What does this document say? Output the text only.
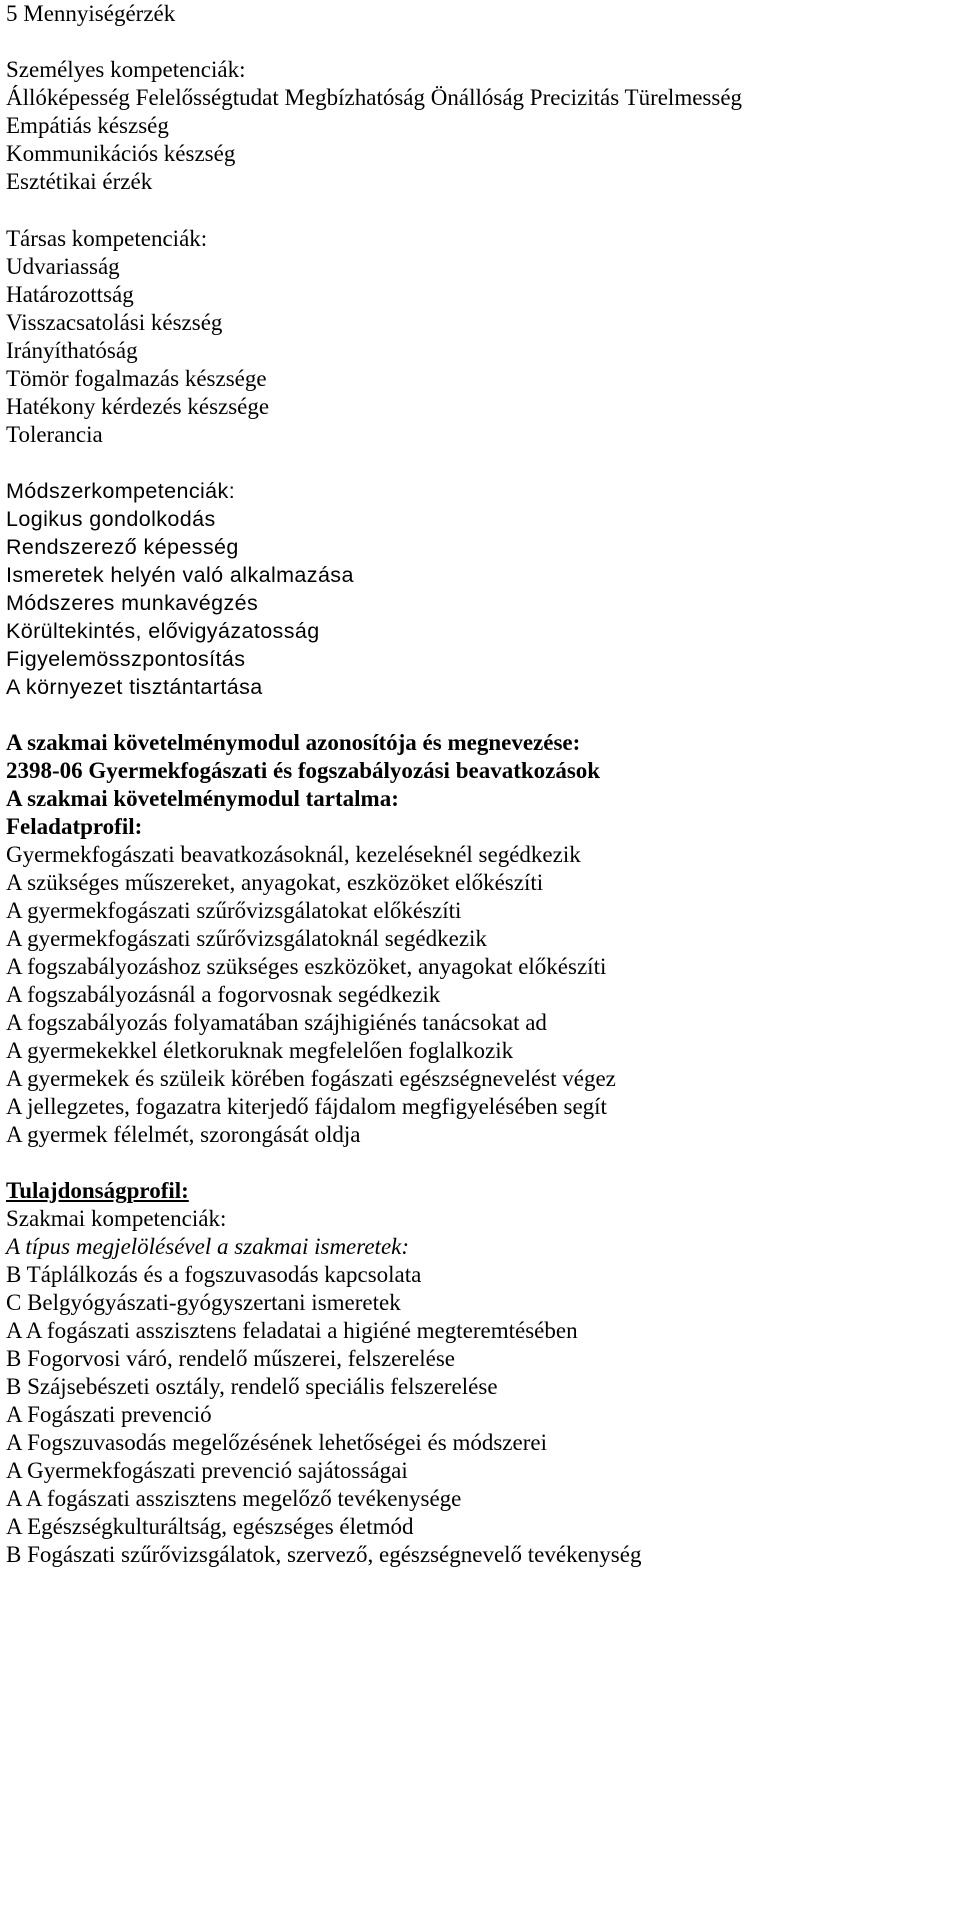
5 Mennyiségérzék
Személyes kompetenciák:
Állóképesség Felelősségtudat Megbízhatóság Önállóság Precizitás Türelmesség
Empátiás készség
Kommunikációs készség
Esztétikai érzék
Társas kompetenciák:
Udvariasság
Határozottság
Visszacsatolási készség
Irányíthatóság
Tömör fogalmazás készsége
Hatékony kérdezés készsége
Tolerancia
Módszerkompetenciák:
Logikus gondolkodás
Rendszerező képesség
Ismeretek helyén való alkalmazása
Módszeres munkavégzés
Körültekintés, elővigyázatosság
Figyelemösszpontosítás
A környezet tisztántartása
A szakmai követelménymodul azonosítója és megnevezése:
2398-06 Gyermekfogászati és fogszabályozási beavatkozások
A szakmai követelménymodul tartalma:
Feladatprofil:
Gyermekfogászati beavatkozásoknál, kezeléseknél segédkezik
A szükséges műszereket, anyagokat, eszközöket előkészíti
A gyermekfogászati szűrővizsgálatokat előkészíti
A gyermekfogászati szűrővizsgálatoknál segédkezik
A fogszabályozáshoz szükséges eszközöket, anyagokat előkészíti
A fogszabályozásnál a fogorvosnak segédkezik
A fogszabályozás folyamatában szájhigiénés tanácsokat ad
A gyermekekkel életkoruknak megfelelően foglalkozik
A gyermekek és szüleik körében fogászati egészségnevelést végez
A jellegzetes, fogazatra kiterjedő fájdalom megfigyelésében segít
A gyermek félelmét, szorongását oldja
Tulajdonságprofil:
Szakmai kompetenciák:
A típus megjelölésével a szakmai ismeretek:
B Táplálkozás és a fogszuvasodás kapcsolata
C Belgyógyászati-gyógyszertani ismeretek
A A fogászati asszisztens feladatai a higiéné megteremtésében
B Fogorvosi váró, rendelő műszerei, felszerelése
B Szájsebészeti osztály, rendelő speciális felszerelése
A Fogászati prevenció
A Fogszuvasodás megelőzésének lehetőségei és módszerei
A Gyermekfogászati prevenció sajátosságai
A A fogászati asszisztens megelőző tevékenysége
A Egészségkulturáltság, egészséges életmód
B Fogászati szűrővizsgálatok, szervező, egészségnevelő tevékenység
